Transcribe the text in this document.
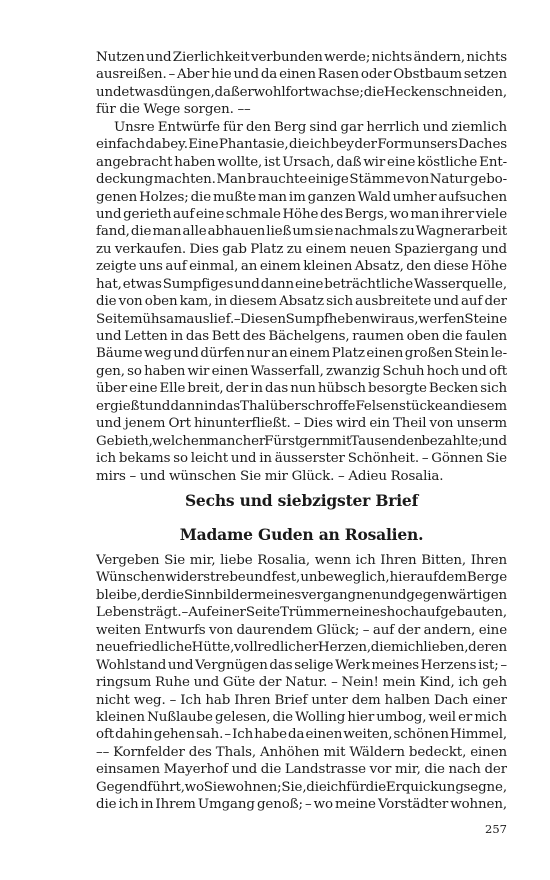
Nutzen und Zierlichkeit verbunden werde; nichts ändern, nichts
ausreißen. – Aber hie und da einen Rasen oder Obstbaum setzen
und etwas düngen, daß er wohl fortwachse; die Hecken schneiden,
für die Wege sorgen. ––
Unsre Entwürfe für den Berg sind gar herrlich und ziemlich
einfach dabey. Eine Phantasie, die ich bey der Form unsers Daches
angebracht haben wollte, ist Ursach, daß wir eine köstliche Ent-
deckung machten. Man brauchte einige Stämme von Natur gebo-
genen Holzes; die mußte man im ganzen Wald umher aufsuchen
und gerieth auf eine schmale Höhe des Bergs, wo man ihrer viele
fand, die man alle abhauen ließ um sie nachmals zu Wagnerarbeit
zu verkaufen. Dies gab Platz zu einem neuen Spaziergang und
zeigte uns auf einmal, an einem kleinen Absatz, den diese Höhe
hat, etwas Sumpfiges und dann eine beträchtliche Wasserquelle,
die von oben kam, in diesem Absatz sich ausbreitete und auf der
Seite mühsam auslief. – Diesen Sumpf heben wir aus, werfen Steine
und Letten in das Bett des Bächelgens, raumen oben die faulen
Bäume weg und dürfen nur an einem Platz einen großen Stein le-
gen, so haben wir einen Wasserfall, zwanzig Schuh hoch und oft
über eine Elle breit, der in das nun hübsch besorgte Becken sich
ergießt und dann in das Thal über schroffe Felsenstücke an diesem
und jenem Ort hinunterfließt. – Dies wird ein Theil von unserm
Gebieth, welchen mancher Fürst gern mit Tausenden bezahlte; und
ich bekams so leicht und in äusserster Schönheit. – Gönnen Sie
mirs – und wünschen Sie mir Glück. – Adieu Rosalia.
Sechs und siebzigster Brief
Madame Guden an Rosalien.
Vergeben Sie mir, liebe Rosalia, wenn ich Ihren Bitten, Ihren
Wünschen widerstrebe und fest, unbeweglich, hier auf dem Berge
bleibe, der die Sinnbilder meines vergangnen und gegenwärtigen
Lebens trägt. – Auf einer Seite Trümmern eines hochaufgebauten,
weiten Entwurfs von daurendem Glück; – auf der andern, eine
neue friedliche Hütte, voll redlicher Herzen, die mich lieben, deren
Wohlstand und Vergnügen das selige Werk meines Herzens ist; –
ringsum Ruhe und Güte der Natur. – Nein! mein Kind, ich geh
nicht weg. – Ich hab Ihren Brief unter dem halben Dach einer
kleinen Nußlaube gelesen, die Wolling hier umbog, weil er mich
oft dahin gehen sah. – Ich habe da einen weiten, schönen Himmel,
–– Kornfelder des Thals, Anhöhen mit Wäldern bedeckt, einen
einsamen Mayerhof und die Landstrasse vor mir, die nach der
Gegend führt, wo Sie wohnen; Sie, die ich für die Erquickung segne,
die ich in Ihrem Umgang genoß; – wo meine Vorstädter wohnen,
257
